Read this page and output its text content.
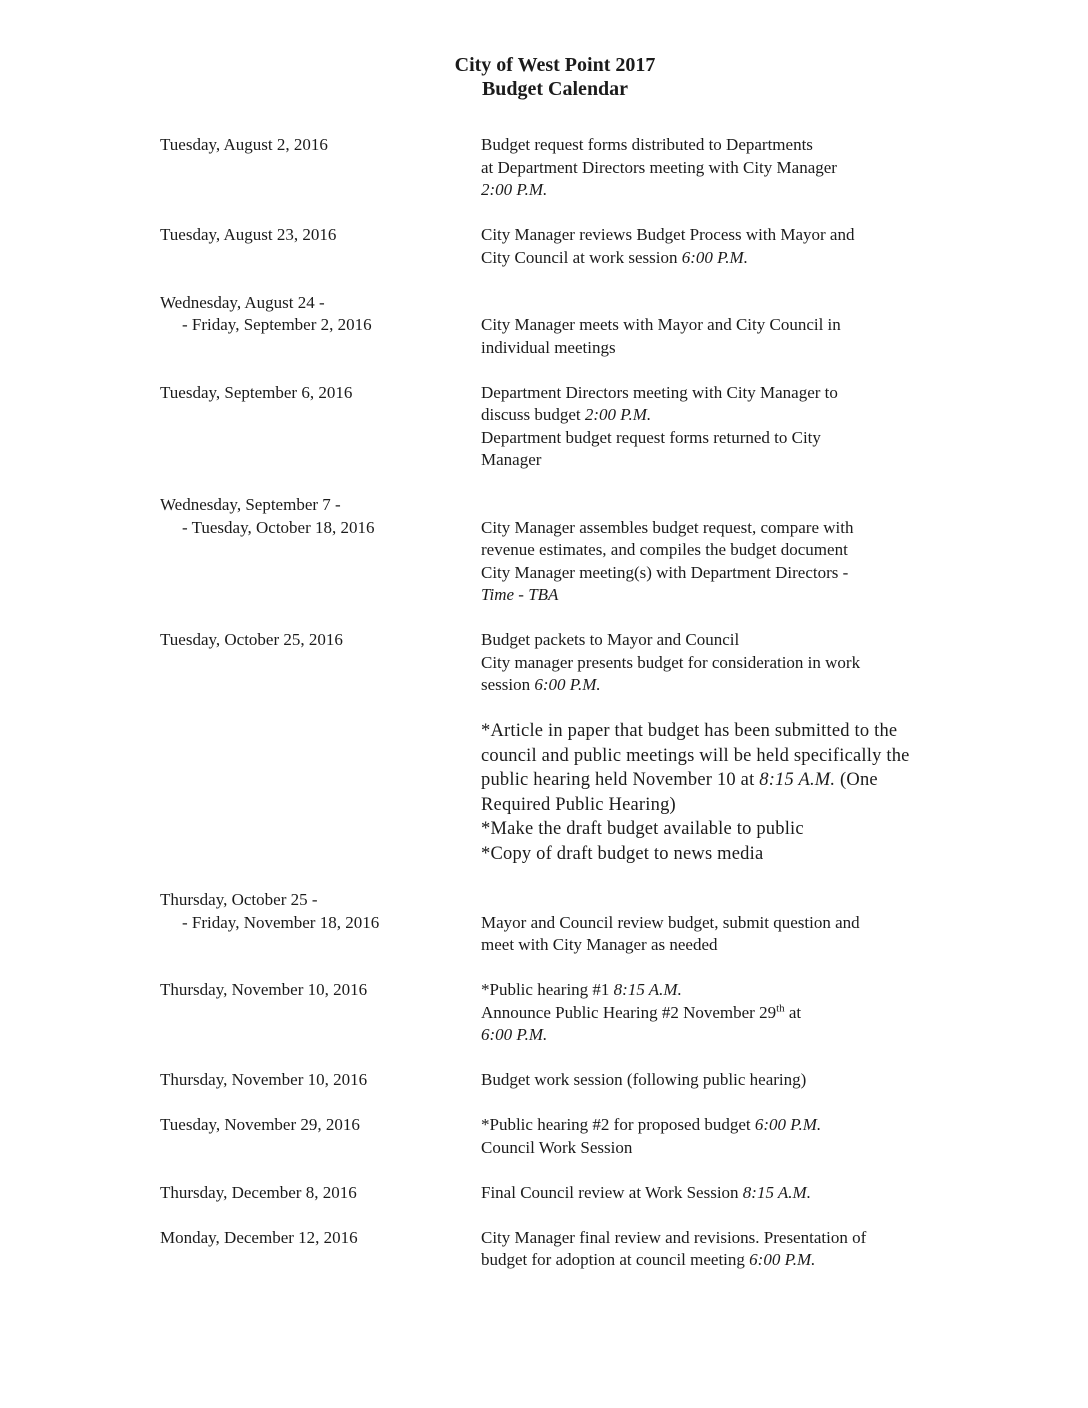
City of West Point 2017
Budget Calendar
Tuesday, August 2, 2016	Budget request forms distributed to Departments
at Department Directors meeting with City Manager
2:00 P.M.
Tuesday, August 23, 2016	City Manager reviews Budget Process with Mayor and
City Council at work session 6:00 P.M.
Wednesday, August 24 -
- Friday, September 2, 2016	City Manager meets with Mayor and City Council in
individual meetings
Tuesday, September 6, 2016	Department Directors meeting with City Manager to
discuss budget 2:00 P.M.
Department budget request forms returned to City
Manager
Wednesday, September 7 -
- Tuesday, October 18, 2016	City Manager assembles budget request, compare with
revenue estimates, and compiles the budget document
City Manager meeting(s) with Department Directors -
Time - TBA
Tuesday, October 25, 2016	Budget packets to Mayor and Council
City manager presents budget for consideration in work
session 6:00 P.M.
*Article in paper that budget has been submitted to the
council and public meetings will be held specifically the
public hearing held November 10 at 8:15 A.M. (One
Required Public Hearing)
*Make the draft budget available to public
*Copy of draft budget to news media
Thursday, October 25 -
- Friday, November 18, 2016	Mayor and Council review budget, submit question and
meet with City Manager as needed
Thursday, November 10, 2016	*Public hearing #1 8:15 A.M.
Announce Public Hearing #2 November 29th at
6:00 P.M.
Thursday, November 10, 2016	Budget work session (following public hearing)
Tuesday, November 29, 2016	*Public hearing #2 for proposed budget 6:00 P.M.
Council Work Session
Thursday, December 8, 2016	Final Council review at Work Session 8:15 A.M.
Monday, December 12, 2016	City Manager final review and revisions. Presentation of
budget for adoption at council meeting 6:00 P.M.
